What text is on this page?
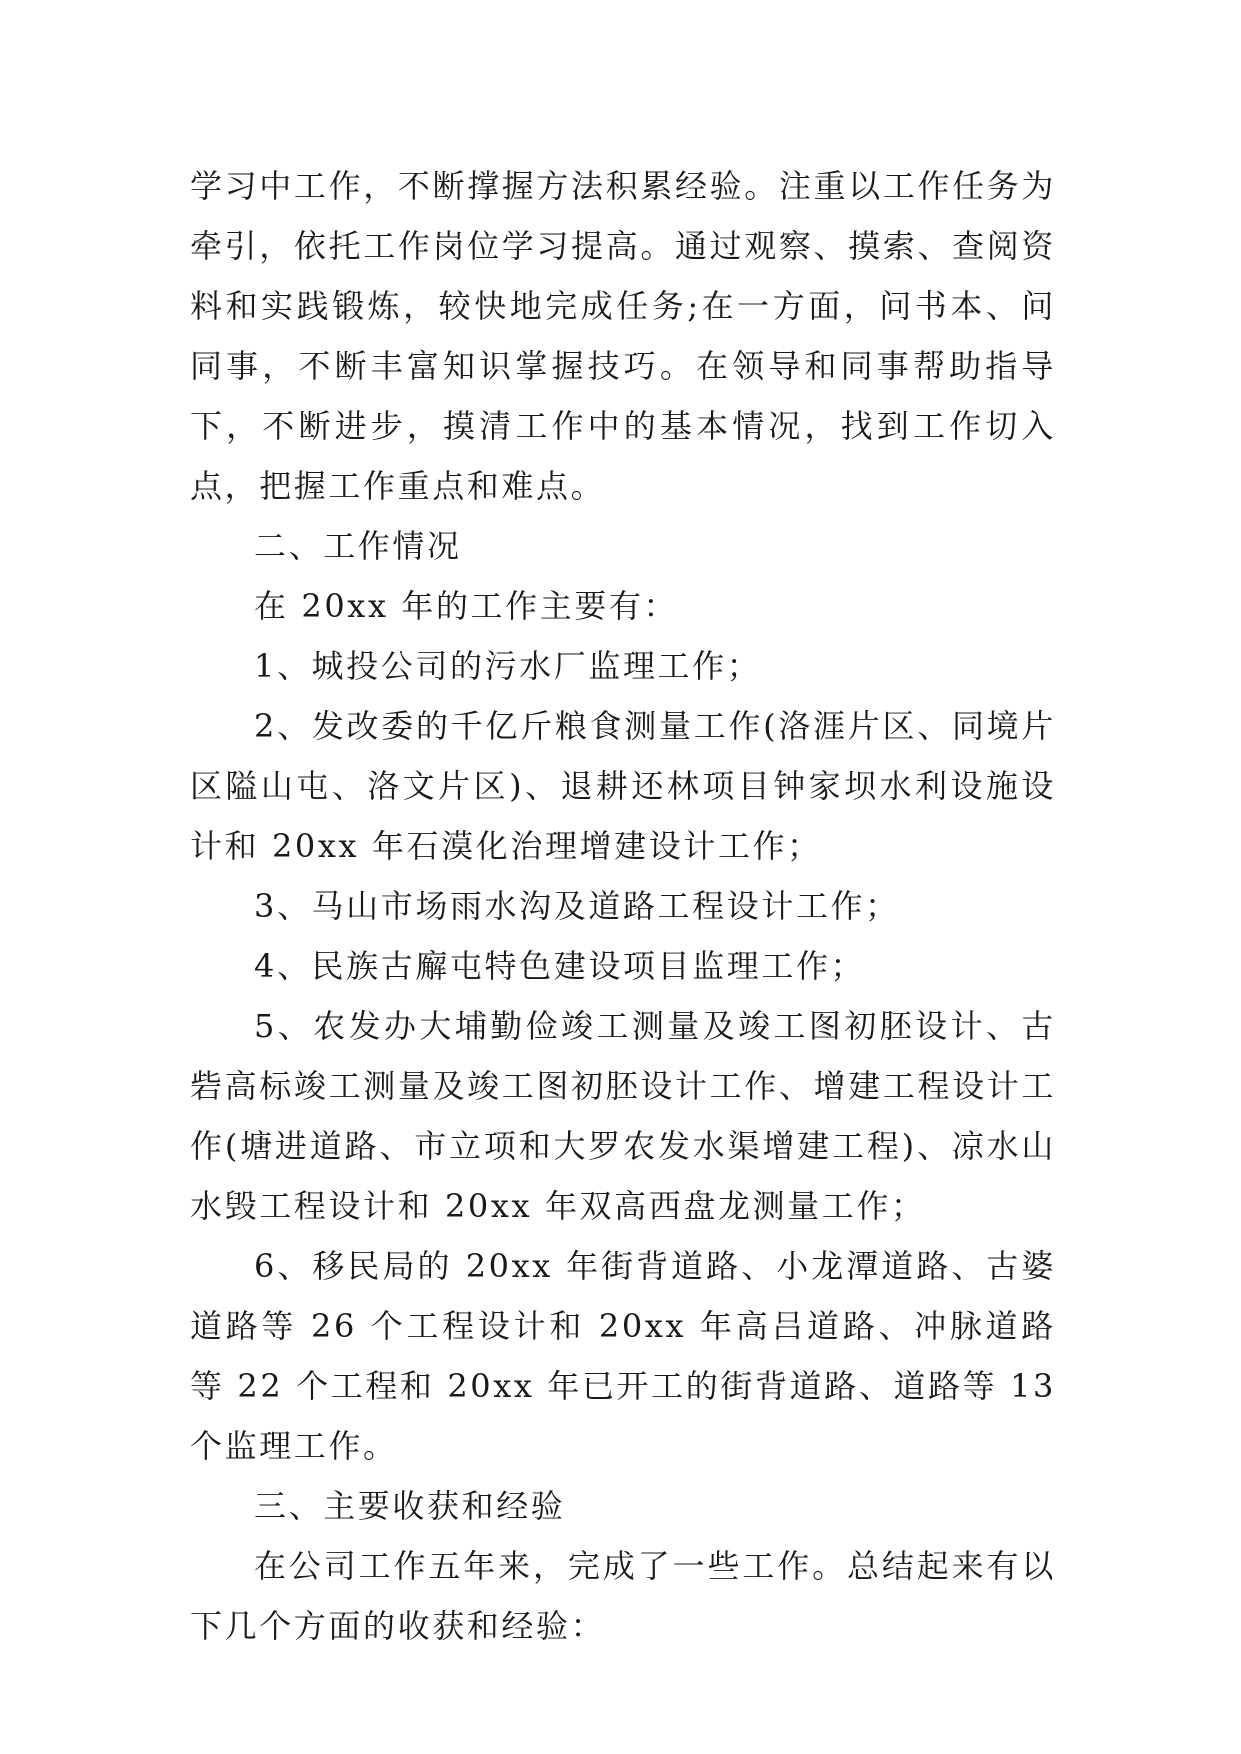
学习中工作，不断撑握方法积累经验。注重以工作任务为牵引，依托工作岗位学习提高。通过观察、摸索、查阅资料和实践锻炼，较快地完成任务;在一方面，问书本、问同事，不断丰富知识掌握技巧。在领导和同事帮助指导下，不断进步，摸清工作中的基本情况，找到工作切入点，把握工作重点和难点。

二、工作情况

在 20xx 年的工作主要有：

1、城投公司的污水厂监理工作；

2、发改委的千亿斤粮食测量工作(洛涯片区、同境片区隘山屯、洛文片区)、退耕还林项目钟家坝水利设施设计和 20xx 年石漠化治理增建设计工作；

3、马山市场雨水沟及道路工程设计工作；

4、民族古廨屯特色建设项目监理工作；

5、农发办大埔勤俭竣工测量及竣工图初胚设计、古砦高标竣工测量及竣工图初胚设计工作、增建工程设计工作(塘进道路、市立项和大罗农发水渠增建工程)、凉水山水毁工程设计和 20xx 年双高西盘龙测量工作；

6、移民局的 20xx 年街背道路、小龙潭道路、古婆道路等 26 个工程设计和 20xx 年高吕道路、冲脉道路等 22 个工程和 20xx 年已开工的街背道路、道路等 13 个监理工作。

三、主要收获和经验

在公司工作五年来，完成了一些工作。总结起来有以下几个方面的收获和经验：
